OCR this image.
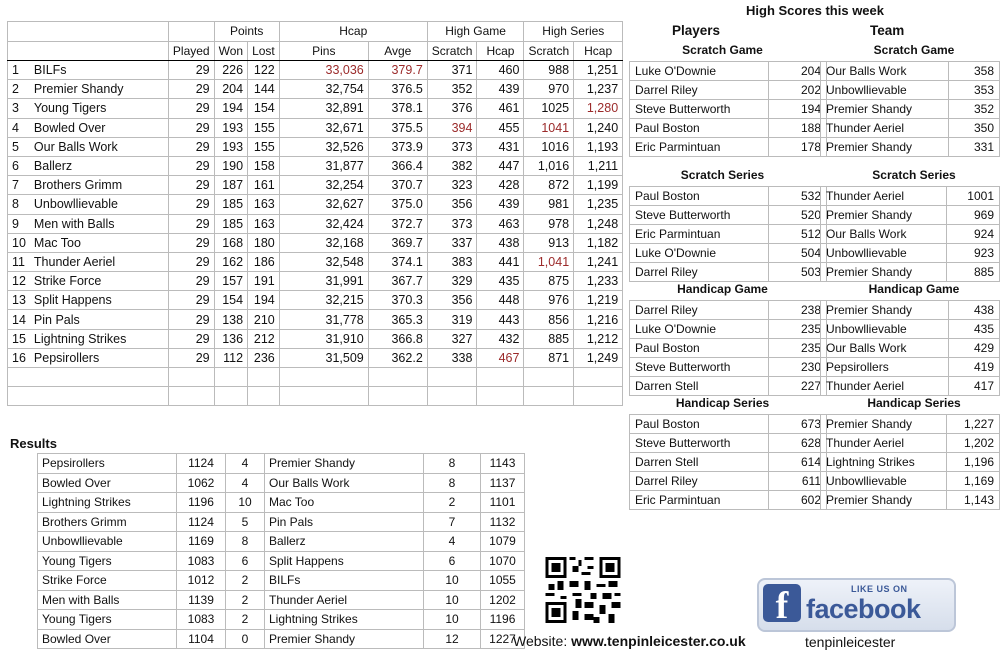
			Points		Hcap		High Game		High Series	
		Played	Won	Lost	Pins	Avge	Scratch	Hcap	Scratch	Hcap
1	BILFs	29	226	122	33,036	379.7	371	460	988	1,251
2	Premier Shandy	29	204	144	32,754	376.5	352	439	970	1,237
3	Young Tigers	29	194	154	32,891	378.1	376	461	1025	1,280
4	Bowled Over	29	193	155	32,671	375.5	394	455	1041	1,240
5	Our Balls Work	29	193	155	32,526	373.9	373	431	1016	1,193
6	Ballerz	29	190	158	31,877	366.4	382	447	1,016	1,211
7	Brothers Grimm	29	187	161	32,254	370.7	323	428	872	1,199
8	Unbowllievable	29	185	163	32,627	375.0	356	439	981	1,235
9	Men with Balls	29	185	163	32,424	372.7	373	463	978	1,248
10	Mac Too	29	168	180	32,168	369.7	337	438	913	1,182
11	Thunder Aeriel	29	162	186	32,548	374.1	383	441	1,041	1,241
12	Strike Force	29	157	191	31,991	367.7	329	435	875	1,233
13	Split Happens	29	154	194	32,215	370.3	356	448	976	1,219
14	Pin Pals	29	138	210	31,778	365.3	319	443	856	1,216
15	Lightning Strikes	29	136	212	31,910	366.8	327	432	885	1,212
16	Pepsirollers	29	112	236	31,509	362.2	338	467	871	1,249

High Scores this week
Players	Team
Scratch Game
Luke O'Downie	204
Darrel Riley	202
Steve Butterworth	194
Paul Boston	188
Eric Parmintuan	178
Scratch Series
Paul Boston	532
Steve Butterworth	520
Eric Parmintuan	512
Luke O'Downie	504
Darrel Riley	503
Handicap Game
Darrel Riley	238
Luke O'Downie	235
Paul Boston	235
Steve Butterworth	230
Darren Stell	227
Handicap Series
Paul Boston	673
Steve Butterworth	628
Darren Stell	614
Darrel Riley	611
Eric Parmintuan	602
Scratch Game
Our Balls Work	358
Unbowllievable	353
Premier Shandy	352
Thunder Aeriel	350
Premier Shandy	331
Scratch Series
Thunder Aeriel	1001
Premier Shandy	969
Our Balls Work	924
Unbowllievable	923
Premier Shandy	885
Handicap Game
Premier Shandy	438
Unbowllievable	435
Our Balls Work	429
Pepsirollers	419
Thunder Aeriel	417
Handicap Series
Premier Shandy	1,227
Thunder Aeriel	1,202
Lightning Strikes	1,196
Unbowllievable	1,169
Premier Shandy	1,143
Results
Pepsirollers	1124	4	Premier Shandy	8	1143
Bowled Over	1062	4	Our Balls Work	8	1137
Lightning Strikes	1196	10	Mac Too	2	1101
Brothers Grimm	1124	5	Pin Pals	7	1132
Unbowllievable	1169	8	Ballerz	4	1079
Young Tigers	1083	6	Split Happens	6	1070
Strike Force	1012	2	BILFs	10	1055
Men with Balls	1139	2	Thunder Aeriel	10	1202
Young Tigers	1083	2	Lightning Strikes	10	1196
Bowled Over	1104	0	Premier Shandy	12	1227
Website: www.tenpinleicester.co.uk
f	LIKE US ON
facebook
tenpinleicester
